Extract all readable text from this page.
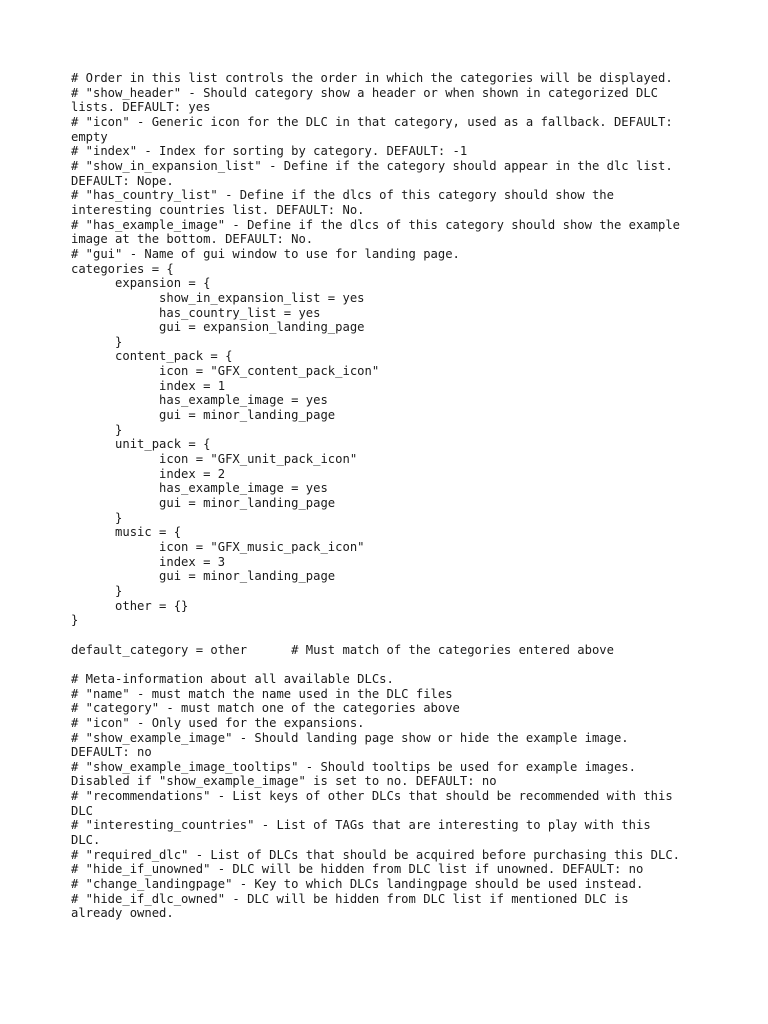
# Order in this list controls the order in which the categories will be displayed.
# "show_header" - Should category show a header or when shown in categorized DLC
lists. DEFAULT: yes
# "icon" - Generic icon for the DLC in that category, used as a fallback. DEFAULT:
empty
# "index" - Index for sorting by category. DEFAULT: -1
# "show_in_expansion_list" - Define if the category should appear in the dlc list.
DEFAULT: Nope.
# "has_country_list" - Define if the dlcs of this category should show the
interesting countries list. DEFAULT: No.
# "has_example_image" - Define if the dlcs of this category should show the example
image at the bottom. DEFAULT: No.
# "gui" - Name of gui window to use for landing page.
categories = {
expansion = {
show_in_expansion_list = yes
has_country_list = yes
gui = expansion_landing_page
}
content_pack = {
icon = "GFX_content_pack_icon"
index = 1
has_example_image = yes
gui = minor_landing_page
}
unit_pack = {
icon = "GFX_unit_pack_icon"
index = 2
has_example_image = yes
gui = minor_landing_page
}
music = {
icon = "GFX_music_pack_icon"
index = 3
gui = minor_landing_page
}
other = {}
}
default_category = other      # Must match of the categories entered above
# Meta-information about all available DLCs.
# "name" - must match the name used in the DLC files
# "category" - must match one of the categories above
# "icon" - Only used for the expansions.
# "show_example_image" - Should landing page show or hide the example image.
DEFAULT: no
# "show_example_image_tooltips" - Should tooltips be used for example images.
Disabled if "show_example_image" is set to no. DEFAULT: no
# "recommendations" - List keys of other DLCs that should be recommended with this
DLC
# "interesting_countries" - List of TAGs that are interesting to play with this
DLC.
# "required_dlc" - List of DLCs that should be acquired before purchasing this DLC.
# "hide_if_unowned" - DLC will be hidden from DLC list if unowned. DEFAULT: no
# "change_landingpage" - Key to which DLCs landingpage should be used instead.
# "hide_if_dlc_owned" - DLC will be hidden from DLC list if mentioned DLC is
already owned.
